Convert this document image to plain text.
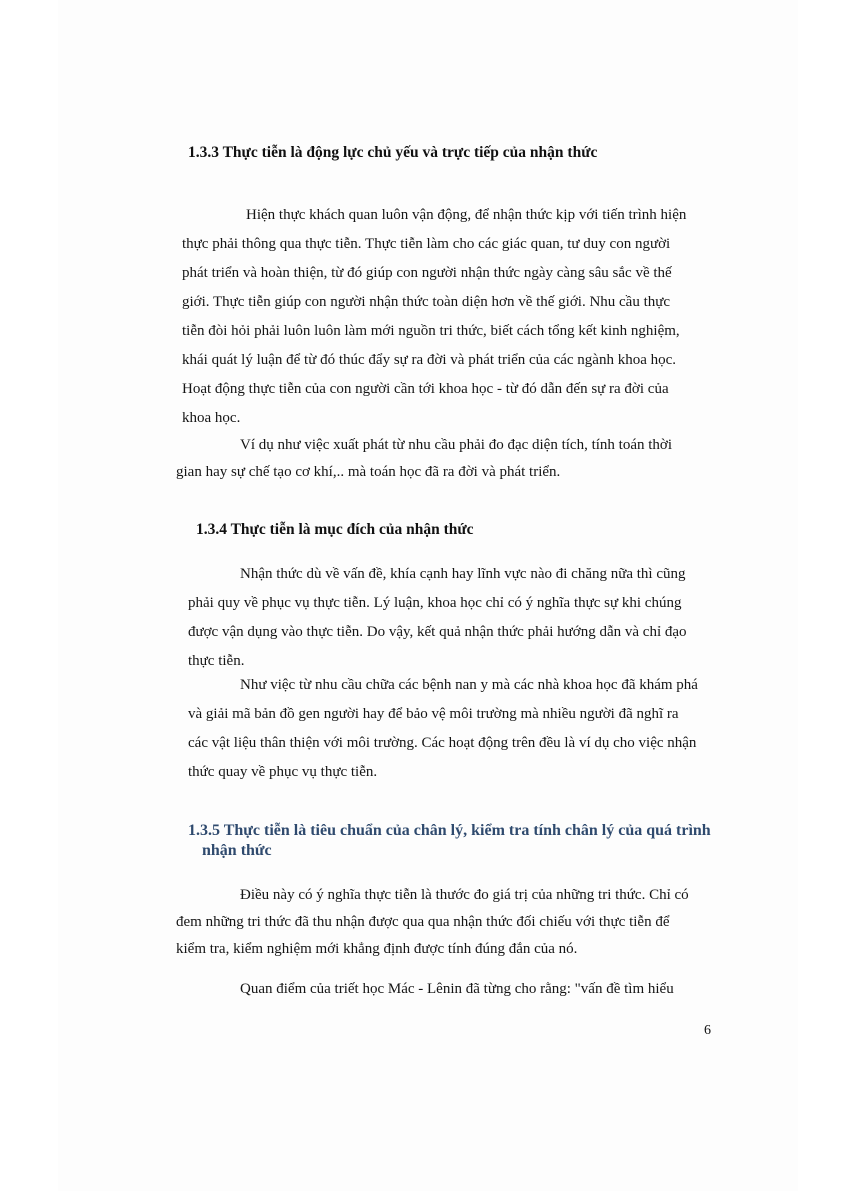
1.3.3 Thực tiễn là động lực chủ yếu và trực tiếp của nhận thức
Hiện thực khách quan luôn vận động, để nhận thức kịp với tiến trình hiện
thực phải thông qua thực tiễn. Thực tiễn làm cho các giác quan, tư duy con người
phát triển và hoàn thiện, từ đó giúp con người nhận thức ngày càng sâu sắc về thế
giới. Thực tiễn giúp con người nhận thức toàn diện hơn về thế giới. Nhu cầu thực
tiễn đòi hỏi phải luôn luôn làm mới nguồn tri thức, biết cách tổng kết kinh nghiệm,
khái quát lý luận để từ đó thúc đẩy sự ra đời và phát triển của các ngành khoa học.
Hoạt động thực tiễn của con người cần tới khoa học - từ đó dẫn đến sự ra đời của
khoa học.
Ví dụ như việc xuất phát từ nhu cầu phải đo đạc diện tích, tính toán thời
gian hay sự chế tạo cơ khí,.. mà toán học đã ra đời và phát triển.
1.3.4 Thực tiễn là mục đích của nhận thức
Nhận thức dù về vấn đề, khía cạnh hay lĩnh vực nào đi chăng nữa thì cũng
phải quy về phục vụ thực tiễn. Lý luận, khoa học chỉ có ý nghĩa thực sự khi chúng
được vận dụng vào thực tiễn. Do vậy, kết quả nhận thức phải hướng dẫn và chỉ đạo
thực tiễn.
Như việc từ nhu cầu chữa các bệnh nan y mà các nhà khoa học đã khám phá
và giải mã bản đồ gen người hay để bảo vệ môi trường mà nhiều người đã nghĩ ra
các vật liệu thân thiện với môi trường. Các hoạt động trên đều là ví dụ cho việc nhận
thức quay về phục vụ thực tiễn.
1.3.5 Thực tiễn là tiêu chuẩn của chân lý, kiểm tra tính chân lý của quá trình
nhận thức
Điều này có ý nghĩa thực tiễn là thước đo giá trị của những tri thức. Chỉ có
đem những tri thức đã thu nhận được qua qua nhận thức đối chiếu với thực tiễn để
kiểm tra, kiểm nghiệm mới khẳng định được tính đúng đắn của nó.
Quan điểm của triết học Mác - Lênin đã từng cho rằng: "vấn đề tìm hiểu
6
